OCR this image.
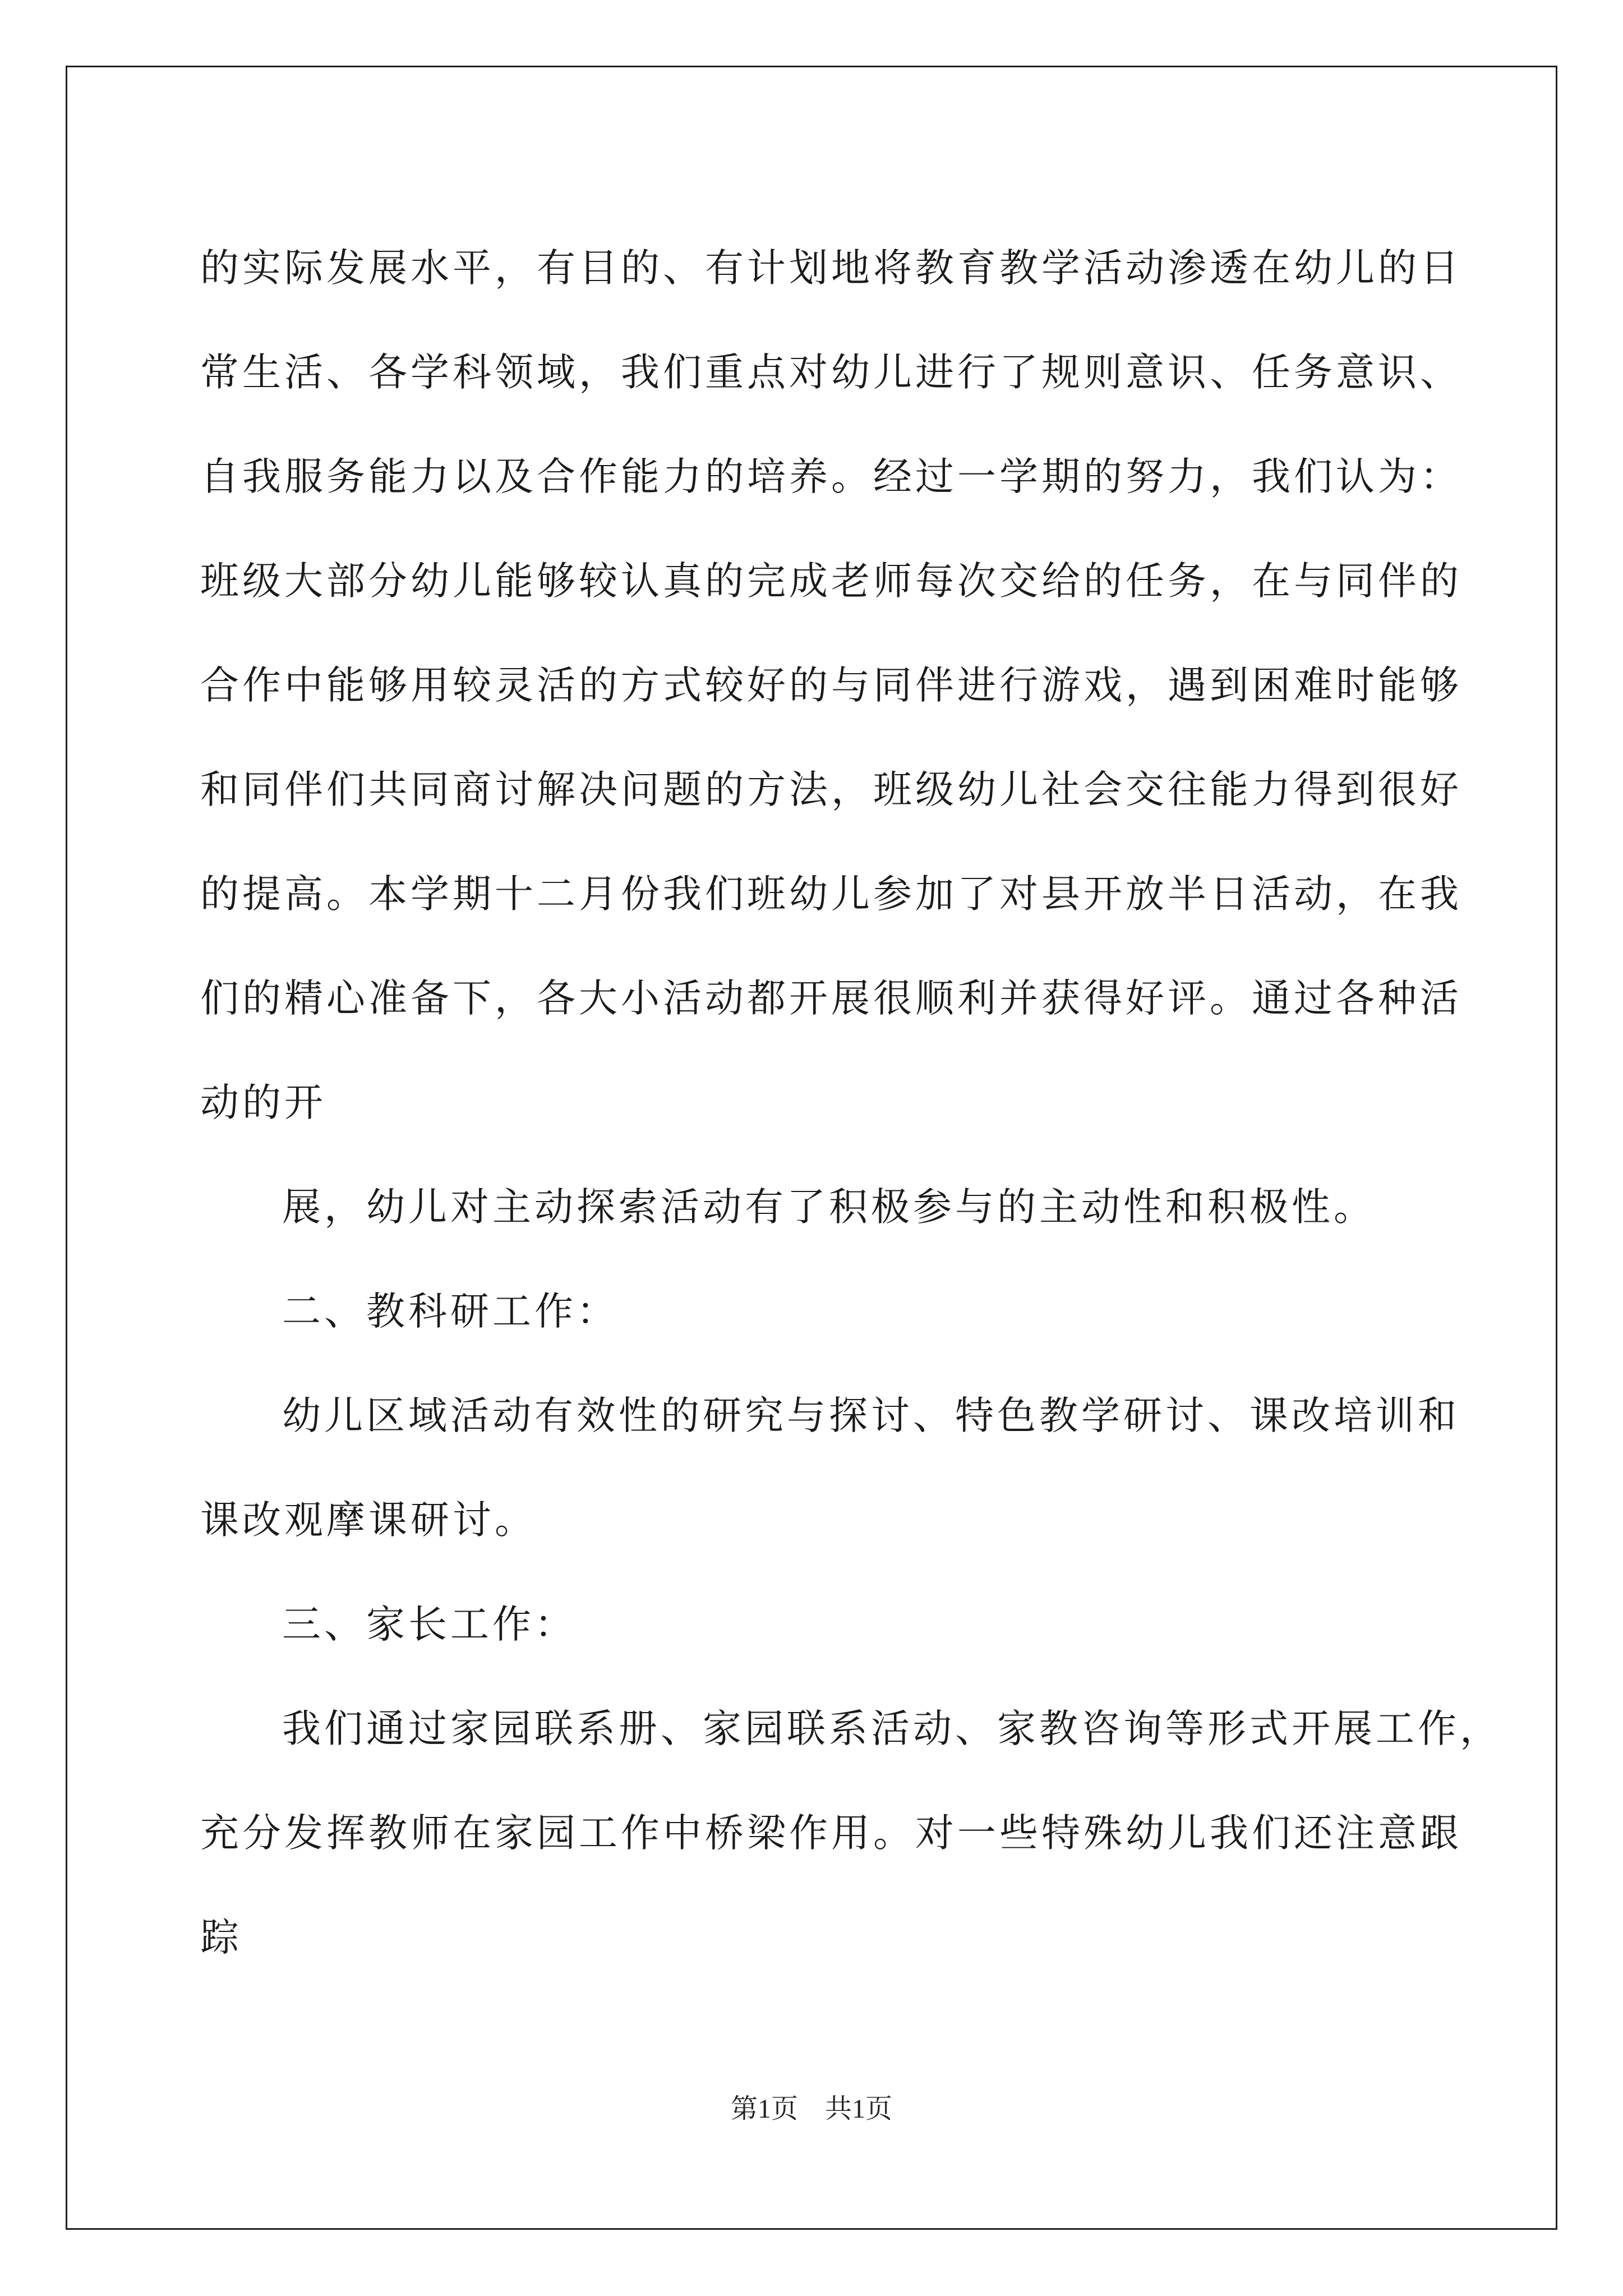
的实际发展水平，有目的、有计划地将教育教学活动渗透在幼儿的日
常生活、各学科领域，我们重点对幼儿进行了规则意识、任务意识、
自我服务能力以及合作能力的培养。经过一学期的努力，我们认为：
班级大部分幼儿能够较认真的完成老师每次交给的任务，在与同伴的
合作中能够用较灵活的方式较好的与同伴进行游戏，遇到困难时能够
和同伴们共同商讨解决问题的方法，班级幼儿社会交往能力得到很好
的提高。本学期十二月份我们班幼儿参加了对县开放半日活动，在我
们的精心准备下，各大小活动都开展很顺利并获得好评。通过各种活
动的开
展，幼儿对主动探索活动有了积极参与的主动性和积极性。
二、教科研工作：
幼儿区域活动有效性的研究与探讨、特色教学研讨、课改培训和
课改观摩课研讨。
三、家长工作：
我们通过家园联系册、家园联系活动、家教咨询等形式开展工作，
充分发挥教师在家园工作中桥梁作用。对一些特殊幼儿我们还注意跟
踪
第1页　共1页
